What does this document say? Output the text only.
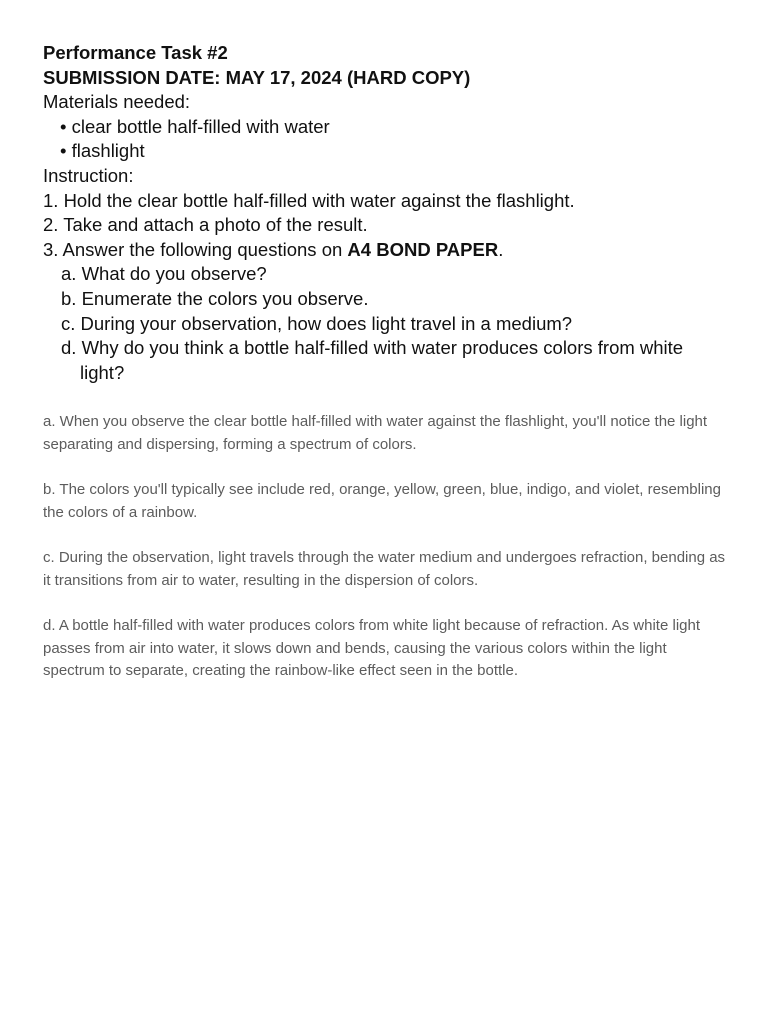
Performance Task #2
SUBMISSION DATE: MAY 17, 2024 (HARD COPY)
Materials needed:
• clear bottle half-filled with water
• flashlight
Instruction:
1. Hold the clear bottle half-filled with water against the flashlight.
2. Take and attach a photo of the result.
3. Answer the following questions on A4 BOND PAPER.
a. What do you observe?
b. Enumerate the colors you observe.
c. During your observation, how does light travel in a medium?
d. Why do you think a bottle half-filled with water produces colors from white light?

a. When you observe the clear bottle half-filled with water against the flashlight, you'll notice the light separating and dispersing, forming a spectrum of colors.

b. The colors you'll typically see include red, orange, yellow, green, blue, indigo, and violet, resembling the colors of a rainbow.

c. During the observation, light travels through the water medium and undergoes refraction, bending as it transitions from air to water, resulting in the dispersion of colors.

d. A bottle half-filled with water produces colors from white light because of refraction. As white light passes from air into water, it slows down and bends, causing the various colors within the light spectrum to separate, creating the rainbow-like effect seen in the bottle.
